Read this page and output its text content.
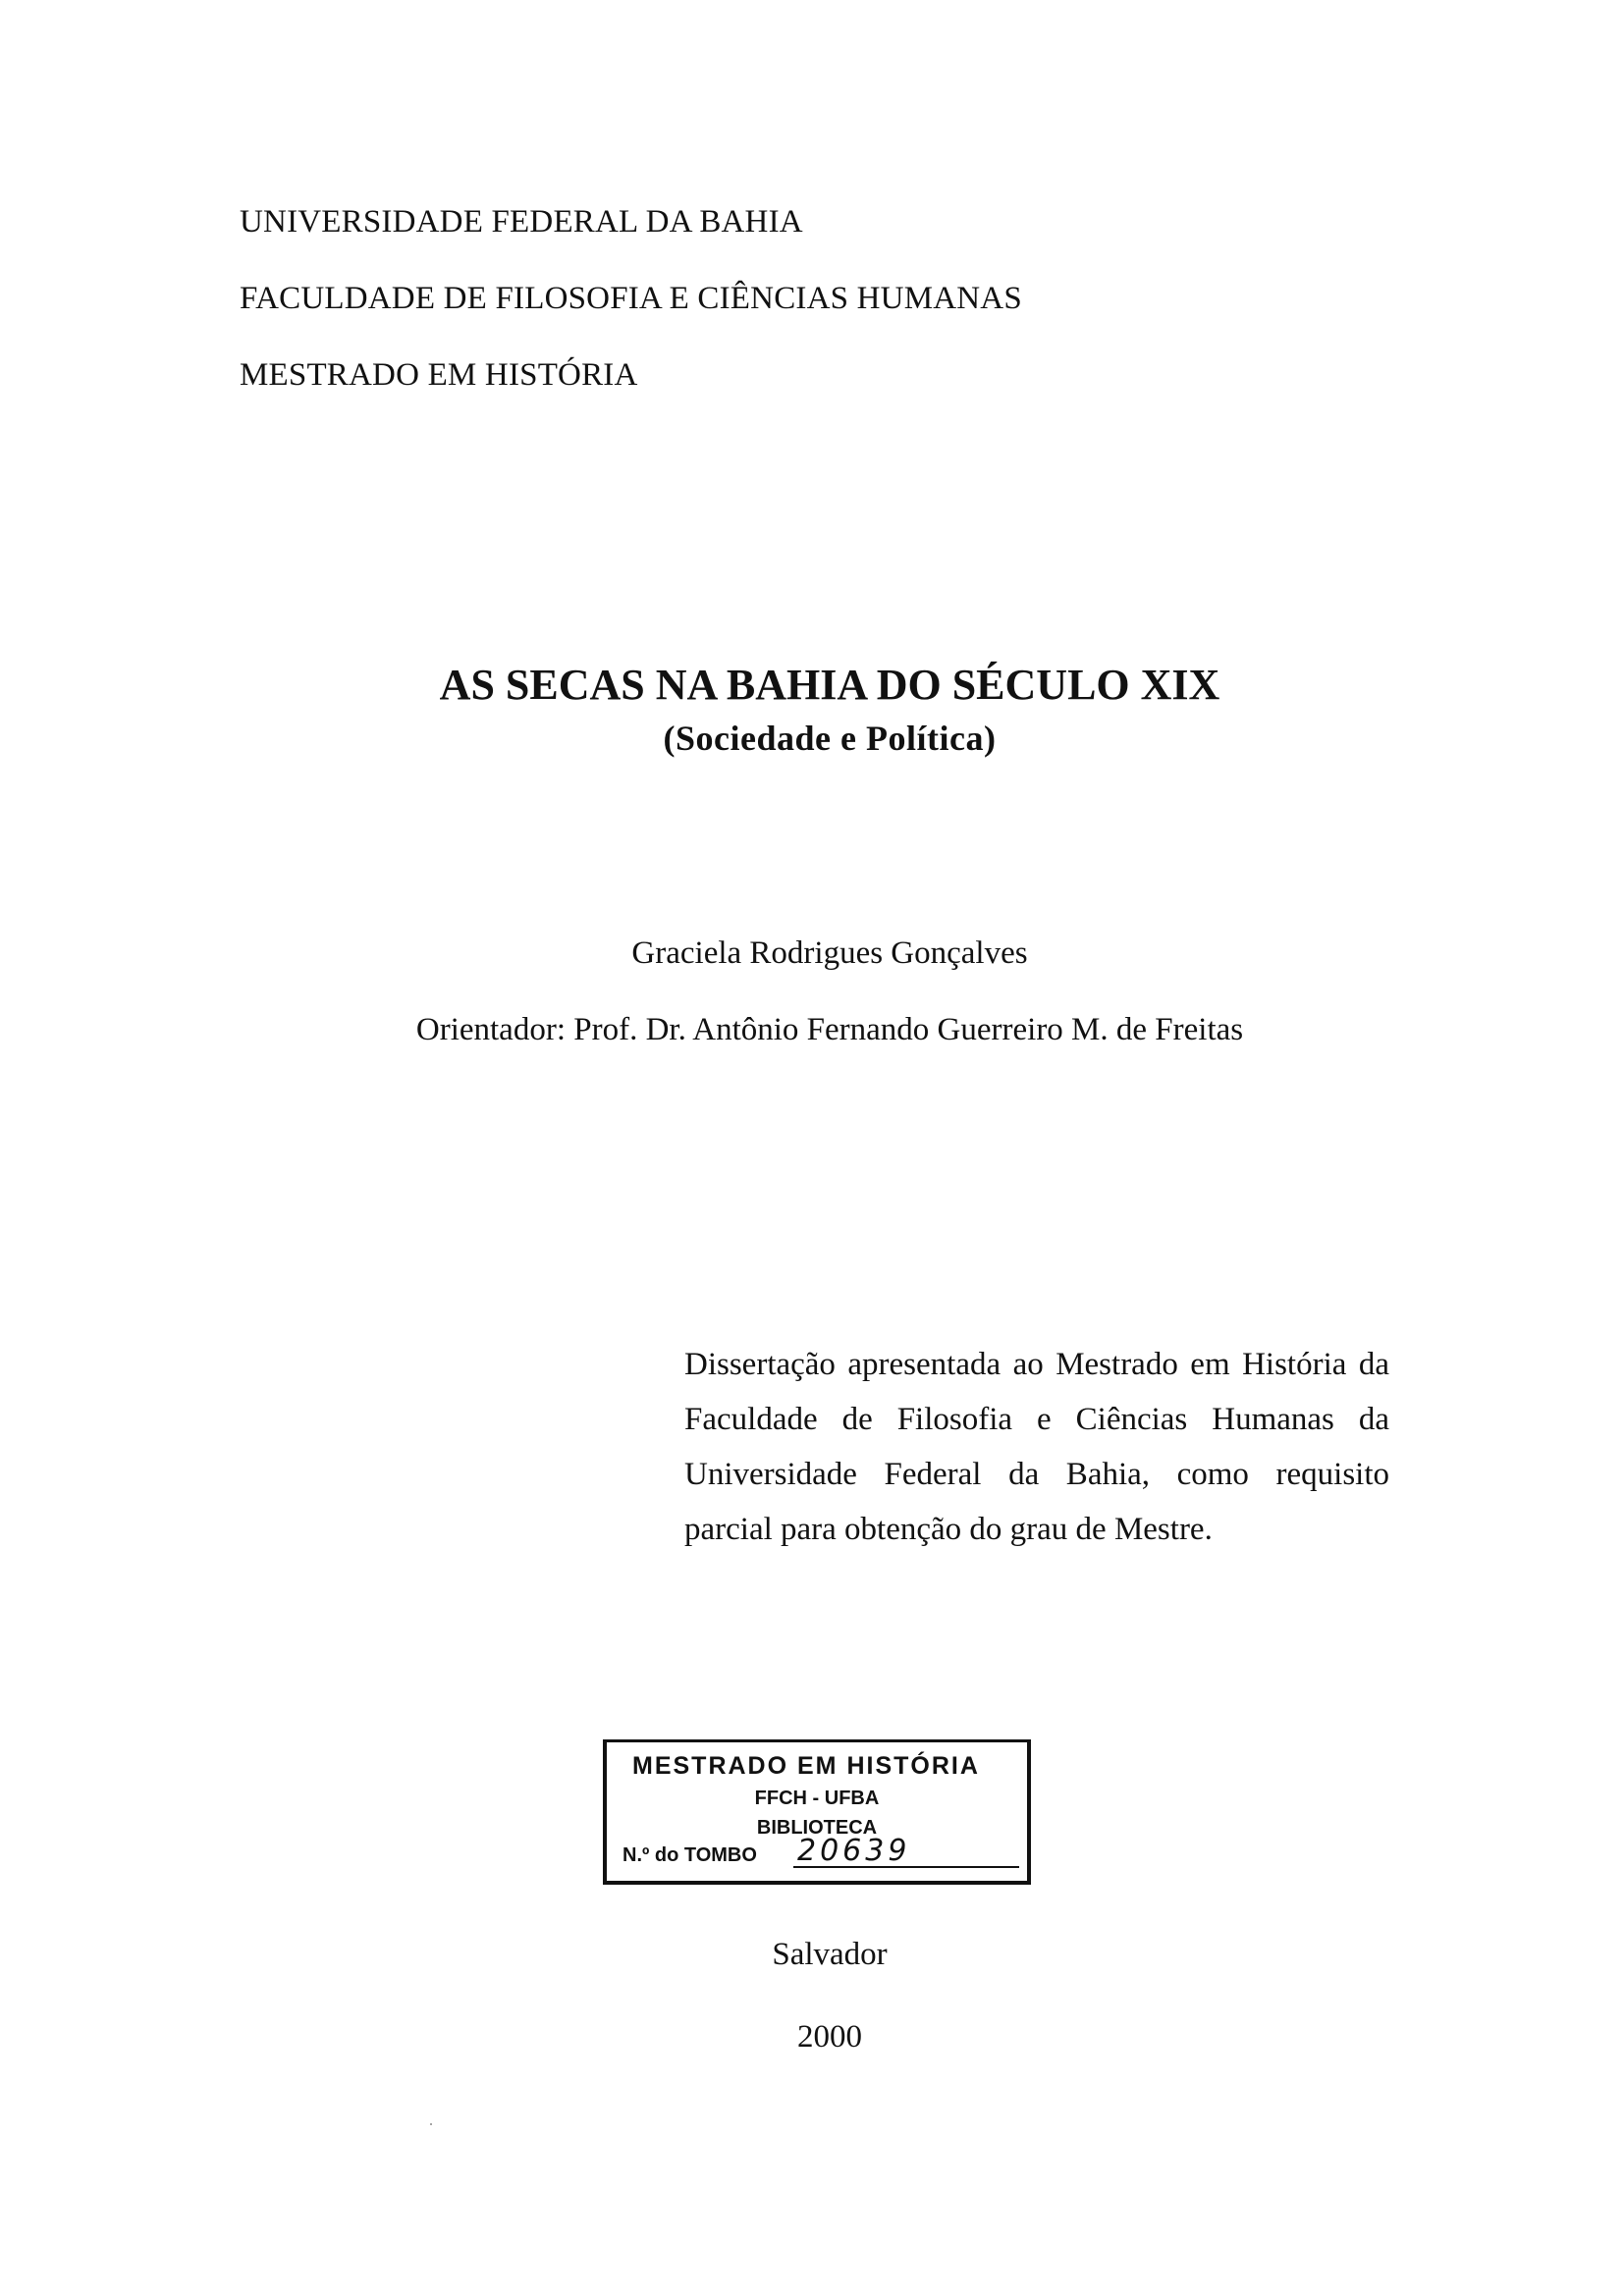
UNIVERSIDADE FEDERAL DA BAHIA
FACULDADE DE FILOSOFIA E CIÊNCIAS HUMANAS
MESTRADO EM HISTÓRIA
AS SECAS NA BAHIA DO SÉCULO XIX
(Sociedade e Política)
Graciela Rodrigues Gonçalves
Orientador: Prof. Dr. Antônio Fernando Guerreiro M. de Freitas
Dissertação apresentada ao Mestrado em História da Faculdade de Filosofia e Ciências Humanas da Universidade Federal da Bahia, como requisito parcial para obtenção do grau de Mestre.
MESTRADO EM HISTÓRIA
FFCH - UFBA
BIBLIOTECA
N.º do TOMBO 20639
Salvador
2000
